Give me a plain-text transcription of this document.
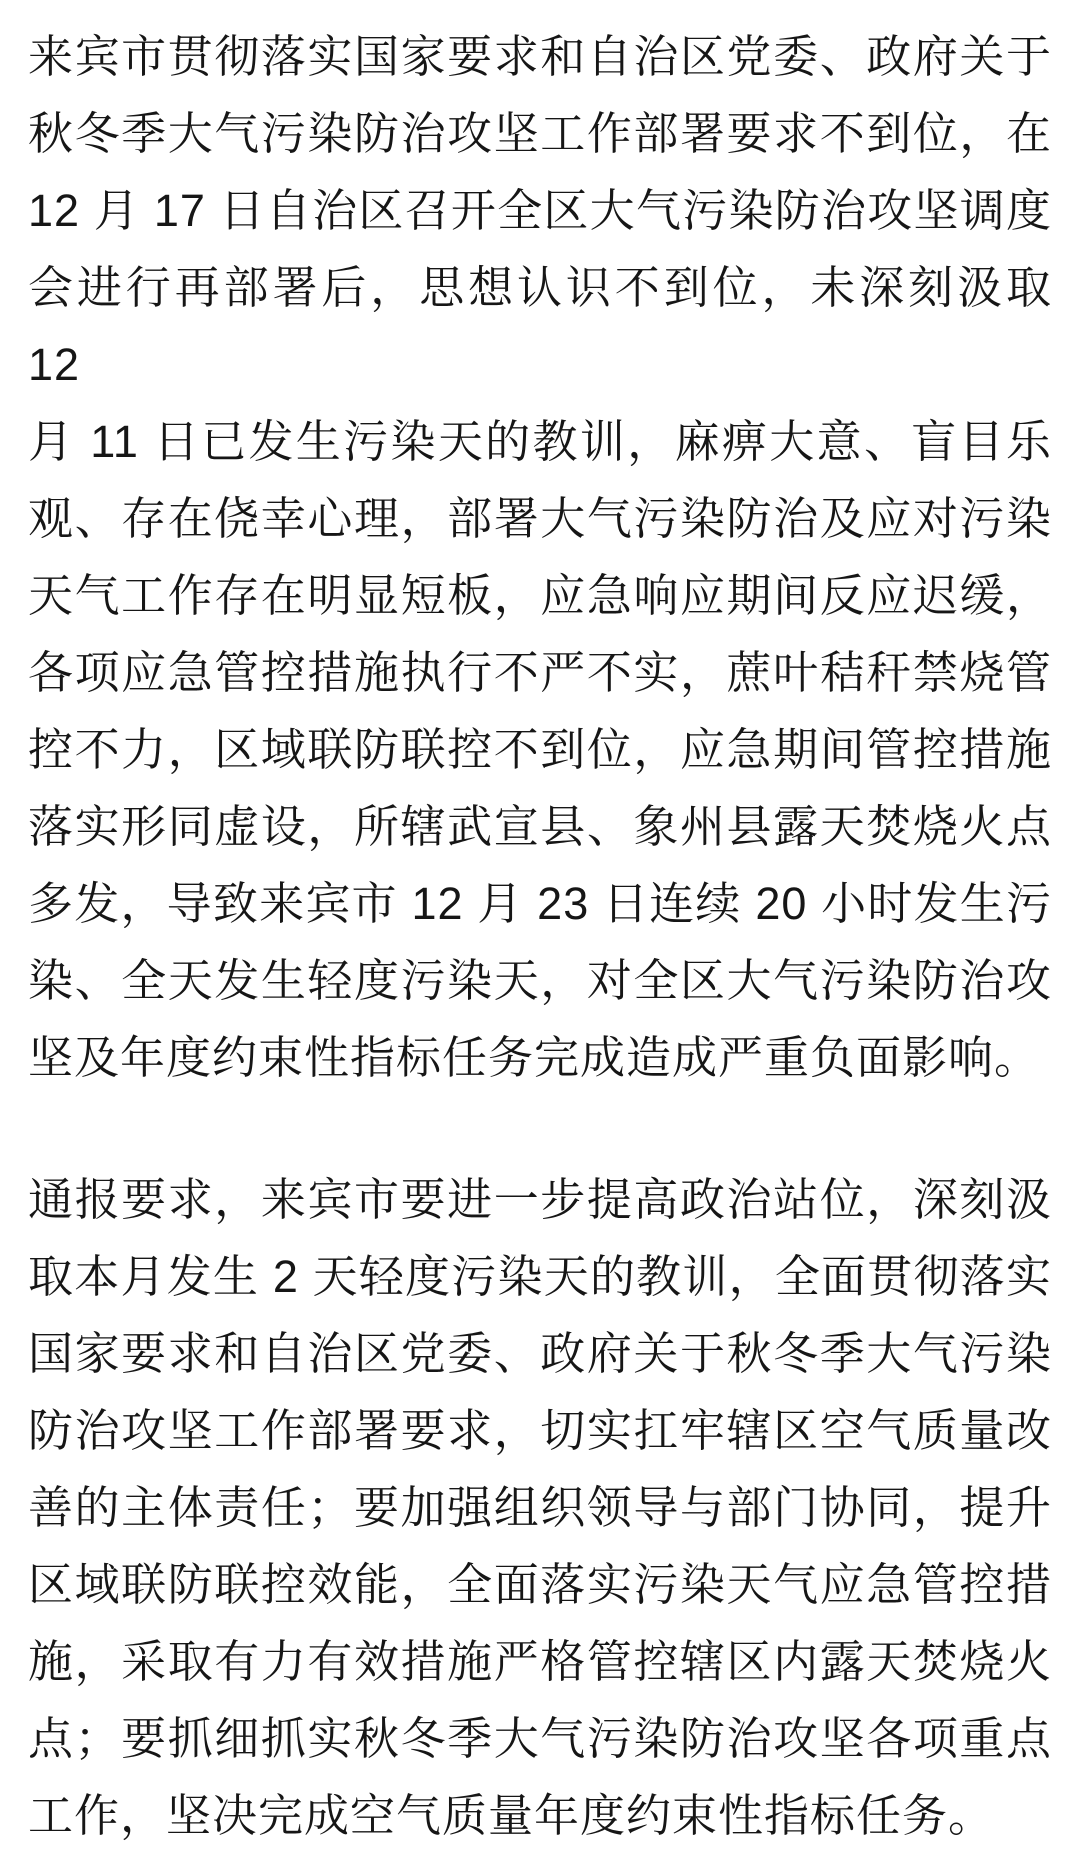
来宾市贯彻落实国家要求和自治区党委、政府关于
秋冬季大气污染防治攻坚工作部署要求不到位，在
12 月 17 日自治区召开全区大气污染防治攻坚调度
会进行再部署后，思想认识不到位，未深刻汲取 12
月 11 日已发生污染天的教训，麻痹大意、盲目乐
观、存在侥幸心理，部署大气污染防治及应对污染
天气工作存在明显短板，应急响应期间反应迟缓，
各项应急管控措施执行不严不实，蔗叶秸秆禁烧管
控不力，区域联防联控不到位，应急期间管控措施
落实形同虚设，所辖武宣县、象州县露天焚烧火点
多发，导致来宾市 12 月 23 日连续 20 小时发生污
染、全天发生轻度污染天，对全区大气污染防治攻
坚及年度约束性指标任务完成造成严重负面影响。
通报要求，来宾市要进一步提高政治站位，深刻汲
取本月发生 2 天轻度污染天的教训，全面贯彻落实
国家要求和自治区党委、政府关于秋冬季大气污染
防治攻坚工作部署要求，切实扛牢辖区空气质量改
善的主体责任；要加强组织领导与部门协同，提升
区域联防联控效能，全面落实污染天气应急管控措
施，采取有力有效措施严格管控辖区内露天焚烧火
点；要抓细抓实秋冬季大气污染防治攻坚各项重点
工作，坚决完成空气质量年度约束性指标任务。
